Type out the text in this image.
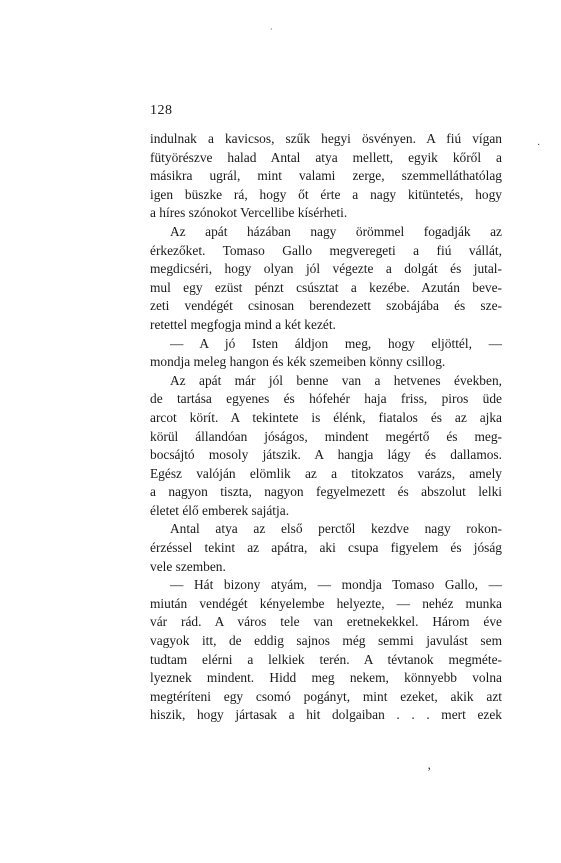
·
128
·
indulnak a kavicsos, szűk hegyi ösvényen. A fiú vígan
fütyörészve halad Antal atya mellett, egyik kőről a
másikra ugrál, mint valami zerge, szemmelláthatólag
igen büszke rá, hogy őt érte a nagy kitüntetés, hogy
a híres szónokot Vercellibe kísérheti.
Az apát házában nagy örömmel fogadják az
érkezőket. Tomaso Gallo megveregeti a fiú vállát,
megdicséri, hogy olyan jól végezte a dolgát és jutal-
mul egy ezüst pénzt csúsztat a kezébe. Azután beve-
zeti vendégét csinosan berendezett szobájába és sze-
retettel megfogja mind a két kezét.
— A jó Isten áldjon meg, hogy eljöttél, —
mondja meleg hangon és kék szemeiben könny csillog.
Az apát már jól benne van a hetvenes években,
de tartása egyenes és hófehér haja friss, piros üde
arcot körít. A tekintete is élénk, fiatalos és az ajka
körül állandóan jóságos, mindent megértő és meg-
bocsájtó mosoly játszik. A hangja lágy és dallamos.
Egész valóján elömlik az a titokzatos varázs, amely
a nagyon tiszta, nagyon fegyelmezett és abszolut lelki
életet élő emberek sajátja.
Antal atya az első perctől kezdve nagy rokon-
érzéssel tekint az apátra, aki csupa figyelem és jóság
vele szemben.
— Hát bizony atyám, — mondja Tomaso Gallo, —
miután vendégét kényelembe helyezte, — nehéz munka
vár rád. A város tele van eretnekekkel. Három éve
vagyok itt, de eddig sajnos még semmi javulást sem
tudtam elérni a lelkiek terén. A tévtanok megméte-
lyeznek mindent. Hidd meg nekem, könnyebb volna
megtéríteni egy csomó pogányt, mint ezeket, akik azt
hiszik, hogy jártasak a hit dolgaiban . . . mert ezek
‚
